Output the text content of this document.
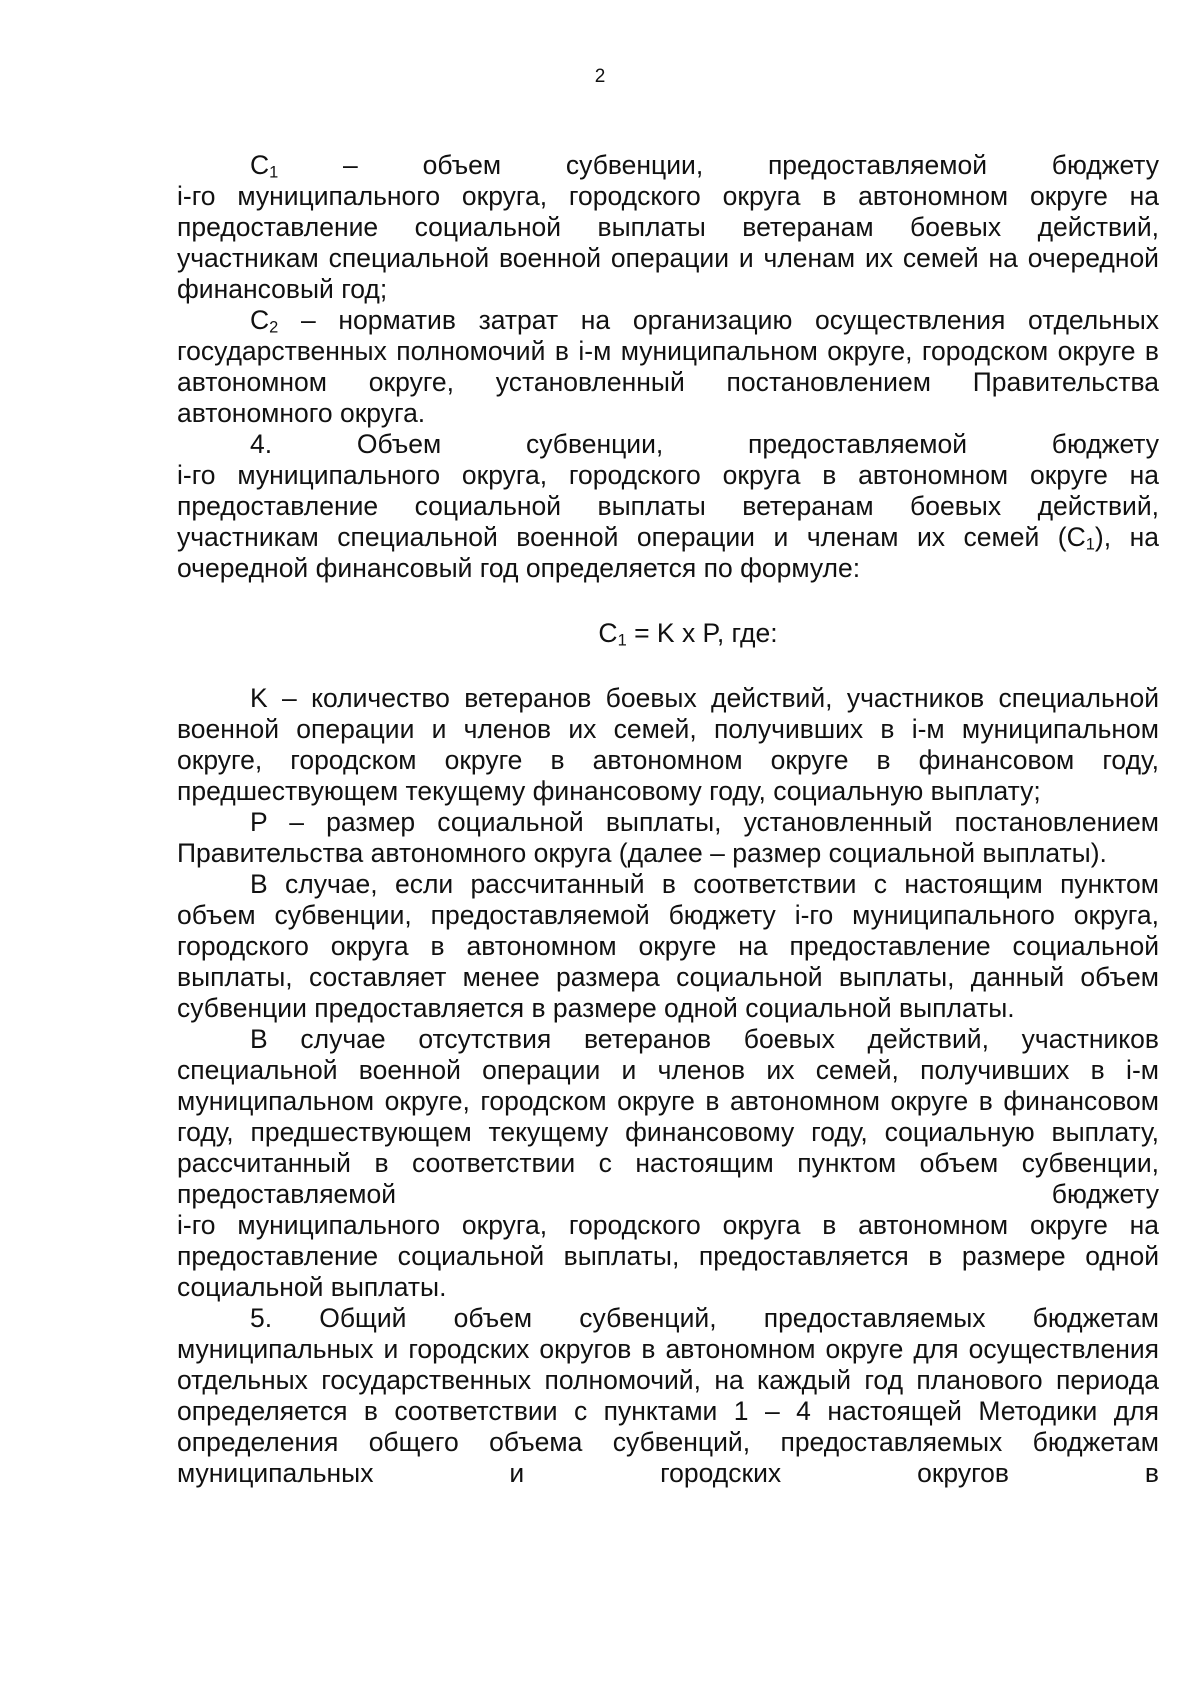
2

$C_1$ – объем субвенции, предоставляемой бюджету
i-го муниципального округа, городского округа в автономном округе на предоставление социальной выплаты ветеранам боевых действий, участникам специальной военной операции и членам их семей на очередной финансовый год;

$C_2$ – норматив затрат на организацию осуществления отдельных государственных полномочий в i-м муниципальном округе, городском округе в автономном округе, установленный постановлением Правительства автономного округа.

4. Объем субвенции, предоставляемой бюджету
i-го муниципального округа, городского округа в автономном округе на предоставление социальной выплаты ветеранам боевых действий, участникам специальной военной операции и членам их семей $(C_1)$, на очередной финансовый год определяется по формуле:

$C_1 = K$ x P, где:

K – количество ветеранов боевых действий, участников специальной военной операции и членов их семей, получивших в i-м муниципальном округе, городском округе в автономном округе в финансовом году, предшествующем текущему финансовому году, социальную выплату;

P – размер социальной выплаты, установленный постановлением Правительства автономного округа (далее – размер социальной выплаты).

В случае, если рассчитанный в соответствии с настоящим пунктом объем субвенции, предоставляемой бюджету i-го муниципального округа, городского округа в автономном округе на предоставление социальной выплаты, составляет менее размера социальной выплаты, данный объем субвенции предоставляется в размере одной социальной выплаты.

В случае отсутствия ветеранов боевых действий, участников специальной военной операции и членов их семей, получивших в i-м муниципальном округе, городском округе в автономном округе в финансовом году, предшествующем текущему финансовому году, социальную выплату, рассчитанный в соответствии с настоящим пунктом объем субвенции, предоставляемой бюджету
i-го муниципального округа, городского округа в автономном округе на предоставление социальной выплаты, предоставляется в размере одной социальной выплаты.

5. Общий объем субвенций, предоставляемых бюджетам муниципальных и городских округов в автономном округе для осуществления отдельных государственных полномочий, на каждый год планового периода определяется в соответствии с пунктами 1 – 4 настоящей Методики для определения общего объема субвенций, предоставляемых бюджетам муниципальных и городских округов в
